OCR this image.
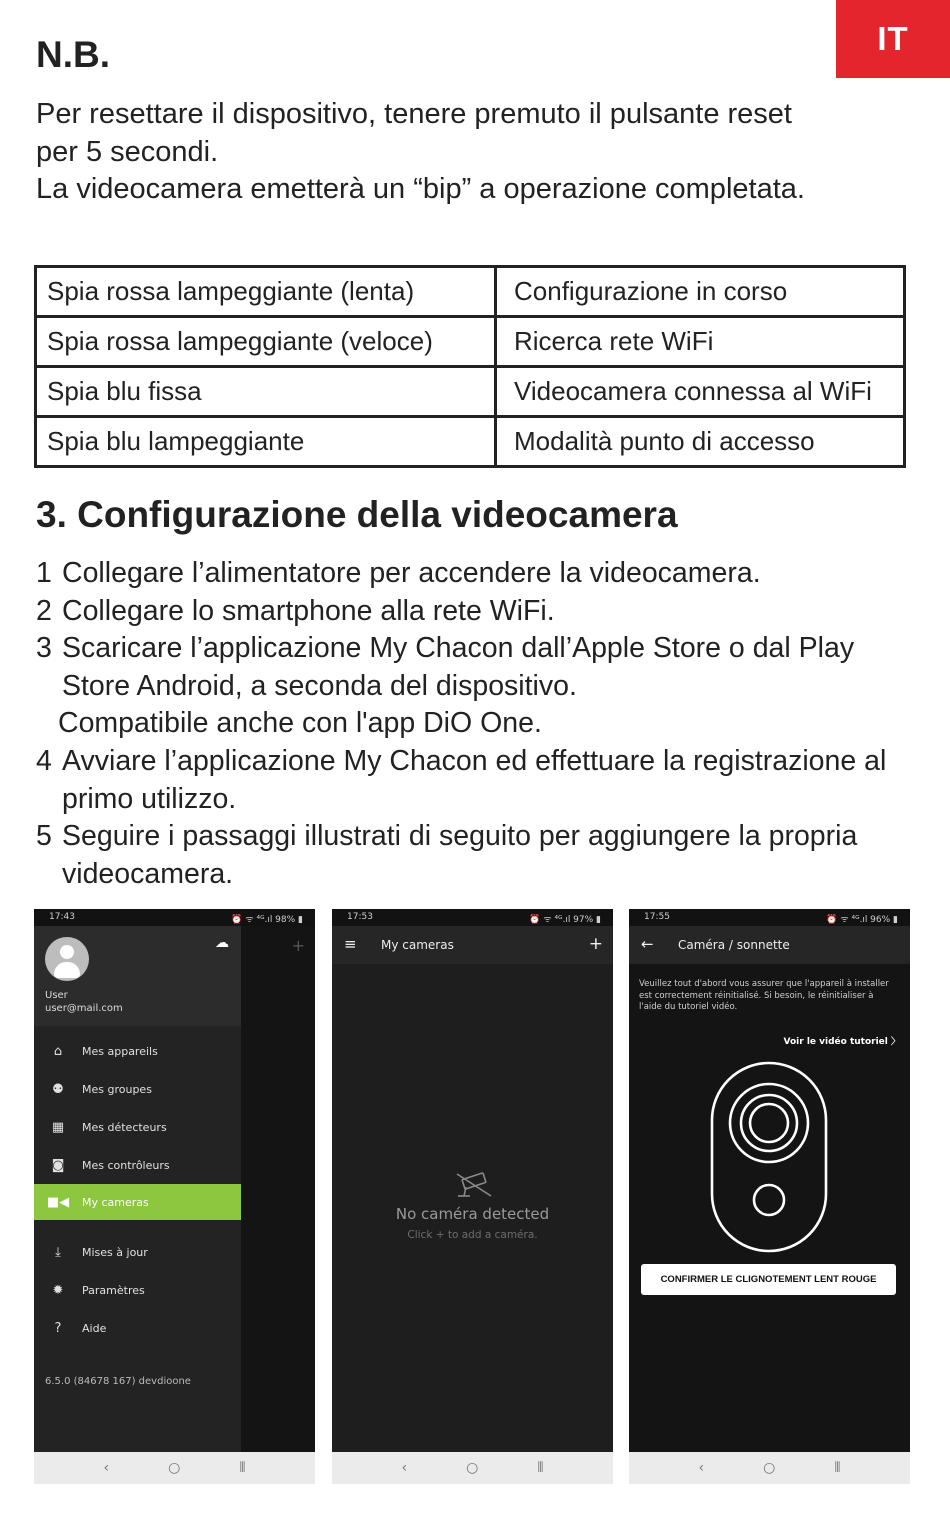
IT
N.B.
Per resettare il dispositivo, tenere premuto il pulsante reset
per 5 secondi.
La videocamera emetterà un “bip” a operazione completata.
Spia rossa lampeggiante (lenta)	Configurazione in corso
Spia rossa lampeggiante (veloce)	Ricerca rete WiFi
Spia blu fissa	Videocamera connessa al WiFi
Spia blu lampeggiante	Modalità punto di accesso
3. Configurazione della videocamera
1 Collegare l’alimentatore per accendere la videocamera.
2 Collegare lo smartphone alla rete WiFi.
3 Scaricare l’applicazione My Chacon dall’Apple Store o dal Play Store Android, a seconda del dispositivo.
Compatibile anche con l'app DiO One.
4 Avviare l’applicazione My Chacon ed effettuare la registrazione al primo utilizzo.
5 Seguire i passaggi illustrati di seguito per aggiungere la propria videocamera.
17:43	⏰ ᯤ ⁴ᴳ.ıl 98% ▮
+
☁
User
user@mail.com
⌂	Mes appareils
⚉	Mes groupes
▦	Mes détecteurs
◙	Mes contrôleurs
■◀	My cameras
⤓	Mises à jour
✹	Paramètres
?	Aide
6.5.0 (84678 167) devdioone
‹	○	⦀
17:53	⏰ ᯤ ⁴ᴳ.ıl 97% ▮
≡ My cameras	+
No caméra detected
Click + to add a caméra.
‹	○	⦀
17:55	⏰ ᯤ ⁴ᴳ.ıl 96% ▮
← Caméra / sonnette
Veuillez tout d'abord vous assurer que l'appareil à installer est correctement réinitialisé. Si besoin, le réinitialiser à l'aide du tutoriel vidéo.
Voir le vidéo tutoriel 〉
CONFIRMER LE CLIGNOTEMENT LENT ROUGE
‹	○	⦀
